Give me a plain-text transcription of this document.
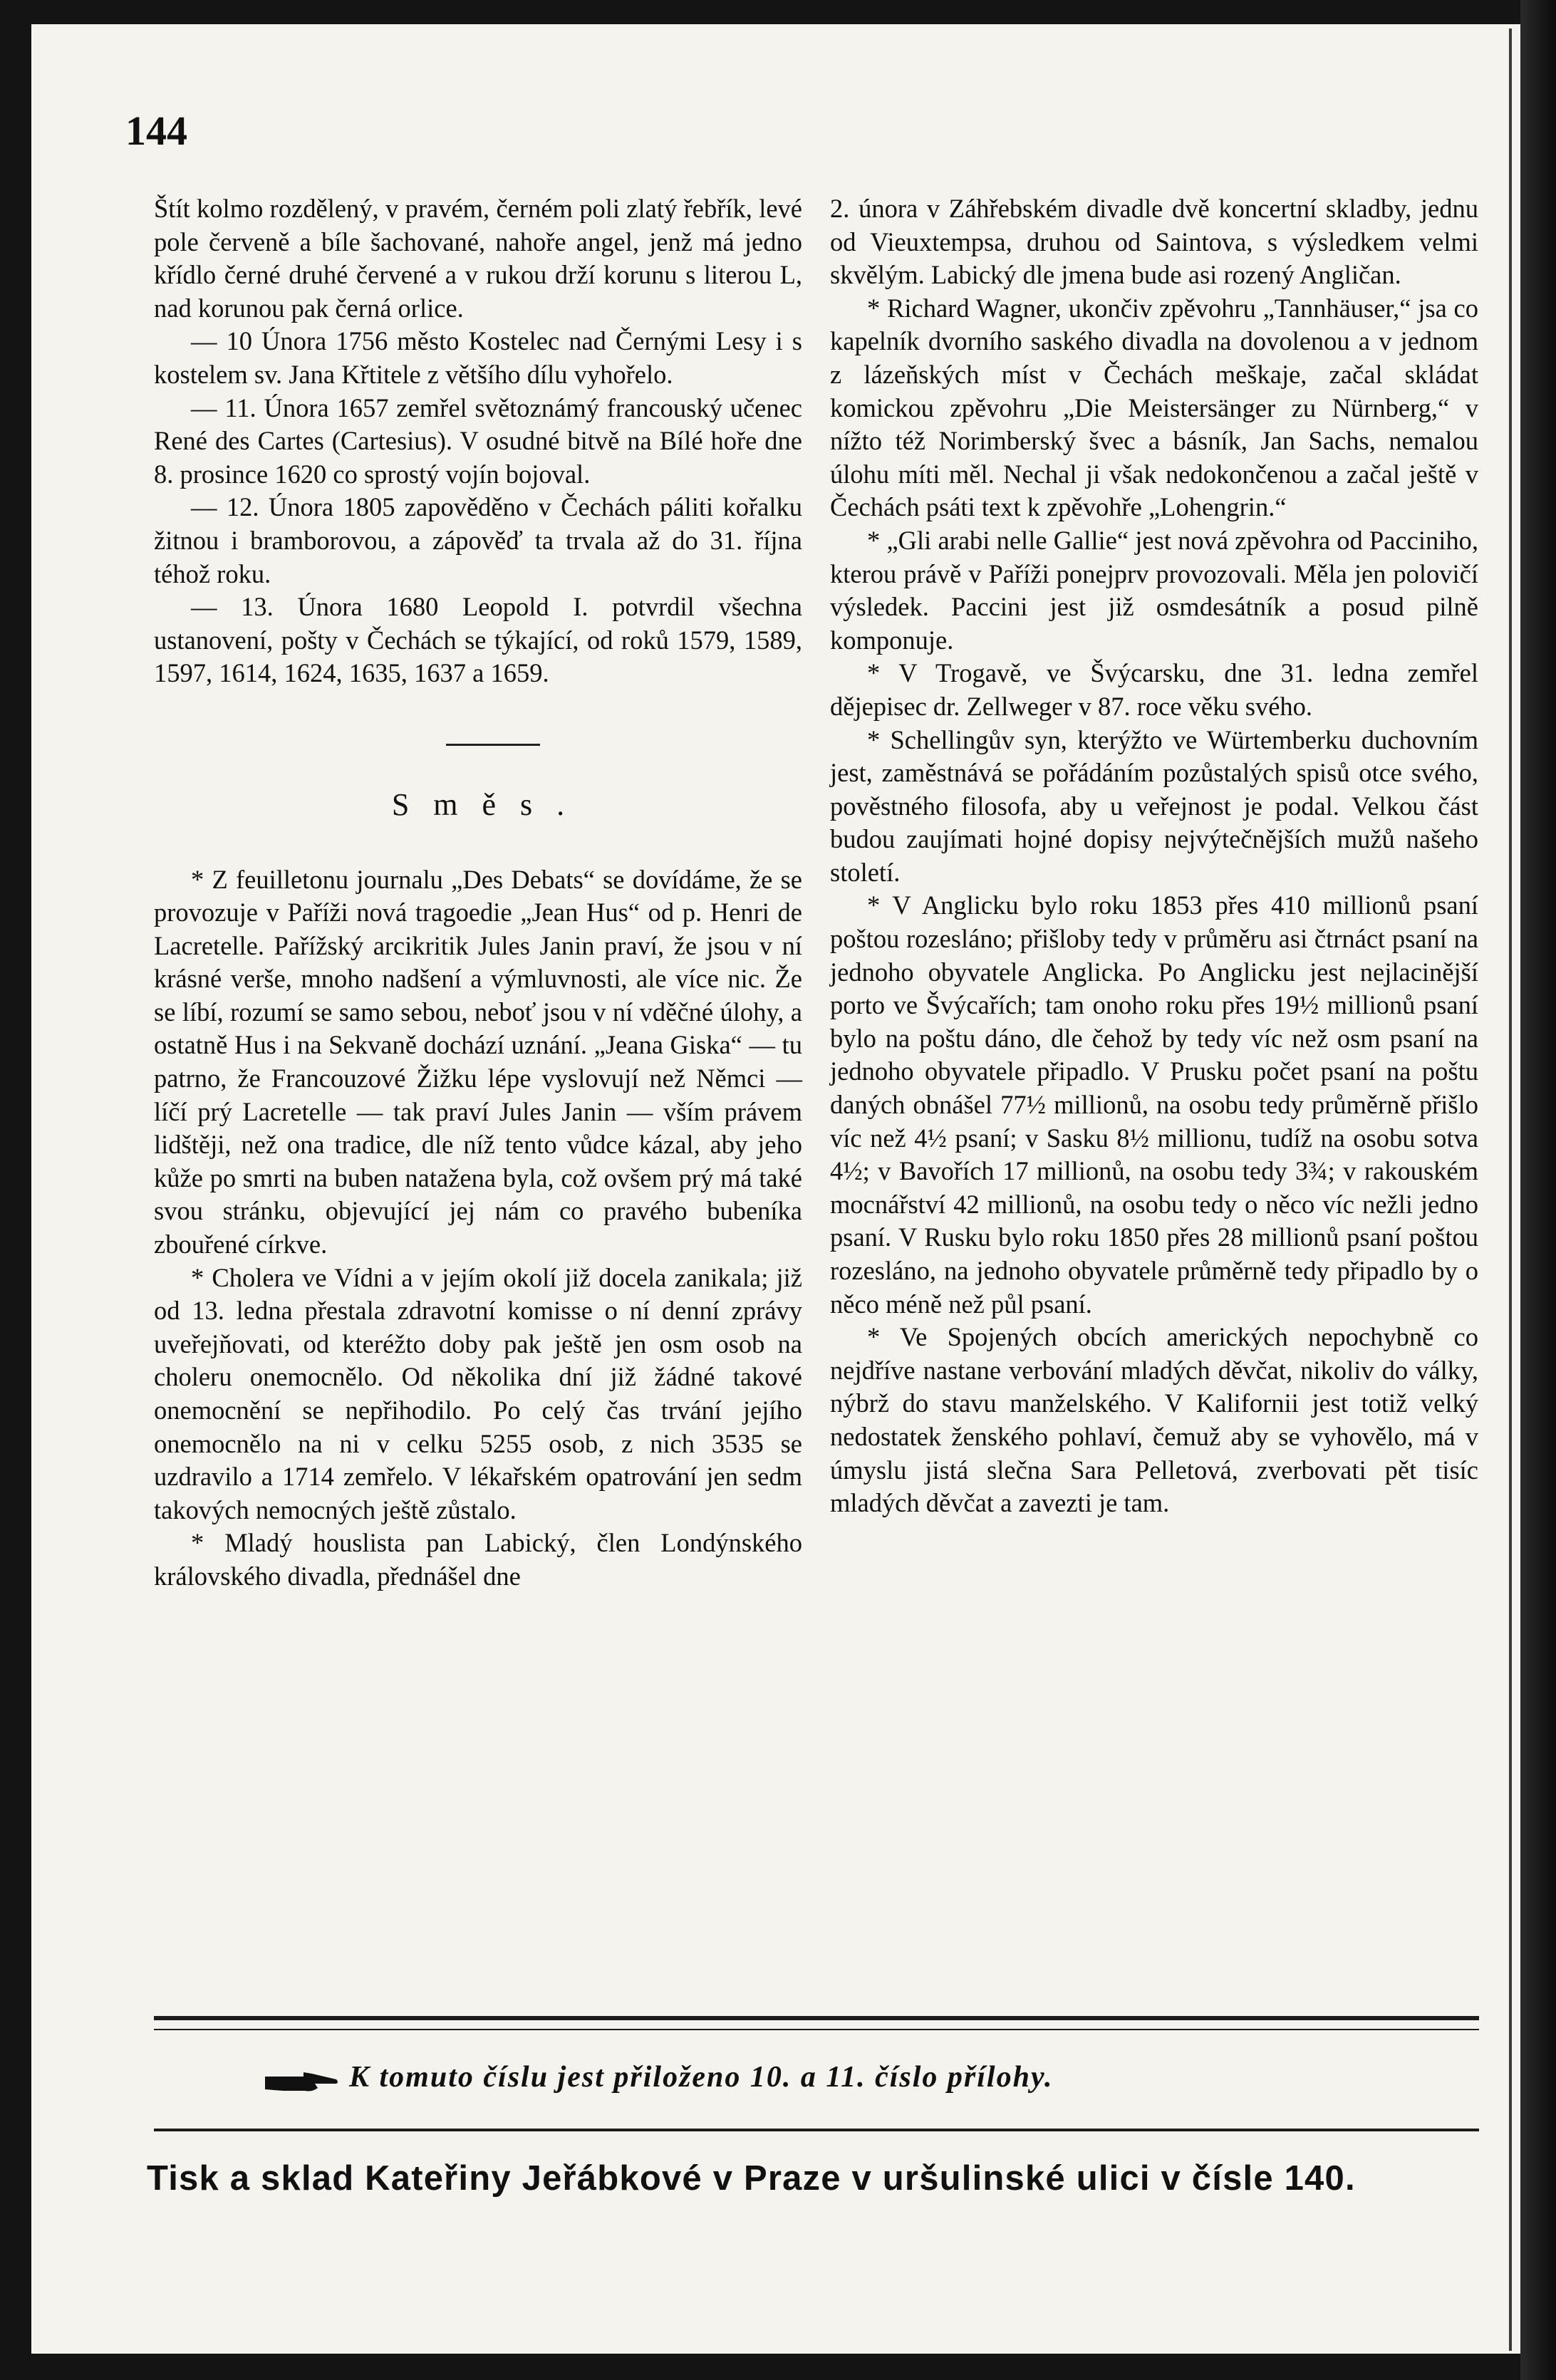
144

Štít kolmo rozdělený, v pravém, černém poli zlatý řebřík, levé pole červeně a bíle šachované, nahoře angel, jenž má jedno křídlo černé druhé červené a v rukou drží korunu s literou L, nad korunou pak černá orlice.

— 10 Února 1756 město Kostelec nad Černými Lesy i s kostelem sv. Jana Křtitele z většího dílu vyhořelo.

— 11. Února 1657 zemřel světoznámý francouský učenec René des Cartes (Cartesius). V osudné bitvě na Bílé hoře dne 8. prosince 1620 co sprostý vojín bojoval.

— 12. Února 1805 zapověděno v Čechách páliti kořalku žitnou i bramborovou, a zápověď ta trvala až do 31. října téhož roku.

— 13. Února 1680 Leopold I. potvrdil všechna ustanovení, pošty v Čechách se týkající, od roků 1579, 1589, 1597, 1614, 1624, 1635, 1637 a 1659.

Směs.

* Z feuilletonu journalu „Des Debats“ se dovídáme, že se provozuje v Paříži nová tragoedie „Jean Hus“ od p. Henri de Lacretelle. Pařížský arcikritik Jules Janin praví, že jsou v ní krásné verše, mnoho nadšení a výmluvnosti, ale více nic. Že se líbí, rozumí se samo sebou, neboť jsou v ní vděčné úlohy, a ostatně Hus i na Sekvaně dochází uznání. „Jeana Giska“ — tu patrno, že Francouzové Žižku lépe vyslovují než Němci — líčí prý Lacretelle — tak praví Jules Janin — vším právem lidštěji, než ona tradice, dle níž tento vůdce kázal, aby jeho kůže po smrti na buben natažena byla, což ovšem prý má také svou stránku, objevující jej nám co pravého bubeníka zbouřené církve.

* Cholera ve Vídni a v jejím okolí již docela zanikala; již od 13. ledna přestala zdravotní komisse o ní denní zprávy uveřejňovati, od kteréžto doby pak ještě jen osm osob na choleru onemocnělo. Od několika dní již žádné takové onemocnění se nepřihodilo. Po celý čas trvání jejího onemocnělo na ni v celku 5255 osob, z nich 3535 se uzdravilo a 1714 zemřelo. V lékařském opatrování jen sedm takových nemocných ještě zůstalo.

* Mladý houslista pan Labický, člen Londýnského královského divadla, přednášel dne

2. února v Záhřebském divadle dvě koncertní skladby, jednu od Vieuxtempsa, druhou od Saintova, s výsledkem velmi skvělým. Labický dle jmena bude asi rozený Angličan.

* Richard Wagner, ukončiv zpěvohru „Tannhäuser,“ jsa co kapelník dvorního saského divadla na dovolenou a v jednom z lázeňských míst v Čechách meškaje, začal skládat komickou zpěvohru „Die Meistersänger zu Nürnberg,“ v nížto též Norimberský švec a básník, Jan Sachs, nemalou úlohu míti měl. Nechal ji však nedokončenou a začal ještě v Čechách psáti text k zpěvohře „Lohengrin.“

* „Gli arabi nelle Gallie“ jest nová zpěvohra od Pacciniho, kterou právě v Paříži ponejprv provozovali. Měla jen polovičí výsledek. Paccini jest již osmdesátník a posud pilně komponuje.

* V Trogavě, ve Švýcarsku, dne 31. ledna zemřel dějepisec dr. Zellweger v 87. roce věku svého.

* Schellingův syn, kterýžto ve Würtemberku duchovním jest, zaměstnává se pořádáním pozůstalých spisů otce svého, pověstného filosofa, aby u veřejnost je podal. Velkou část budou zaujímati hojné dopisy nejvýtečnějších mužů našeho století.

* V Anglicku bylo roku 1853 přes 410 millionů psaní poštou rozesláno; přišloby tedy v průměru asi čtrnáct psaní na jednoho obyvatele Anglicka. Po Anglicku jest nejlacinější porto ve Švýcařích; tam onoho roku přes 19½ millionů psaní bylo na poštu dáno, dle čehož by tedy víc než osm psaní na jednoho obyvatele připadlo. V Prusku počet psaní na poštu daných obnášel 77½ millionů, na osobu tedy průměrně přišlo víc než 4½ psaní; v Sasku 8½ millionu, tudíž na osobu sotva 4½; v Bavořích 17 millionů, na osobu tedy 3¾; v rakouském mocnářství 42 millionů, na osobu tedy o něco víc nežli jedno psaní. V Rusku bylo roku 1850 přes 28 millionů psaní poštou rozesláno, na jednoho obyvatele průměrně tedy připadlo by o něco méně než půl psaní.

* Ve Spojených obcích amerických nepochybně co nejdříve nastane verbování mladých děvčat, nikoliv do války, nýbrž do stavu manželského. V Kalifornii jest totiž velký nedostatek ženského pohlaví, čemuž aby se vyhovělo, má v úmyslu jistá slečna Sara Pelletová, zverbovati pět tisíc mladých děvčat a zavezti je tam.

K tomuto číslu jest přiloženo 10. a 11. číslo přílohy.

Tisk a sklad Kateřiny Jeřábkové v Praze v uršulinské ulici v čísle 140.
